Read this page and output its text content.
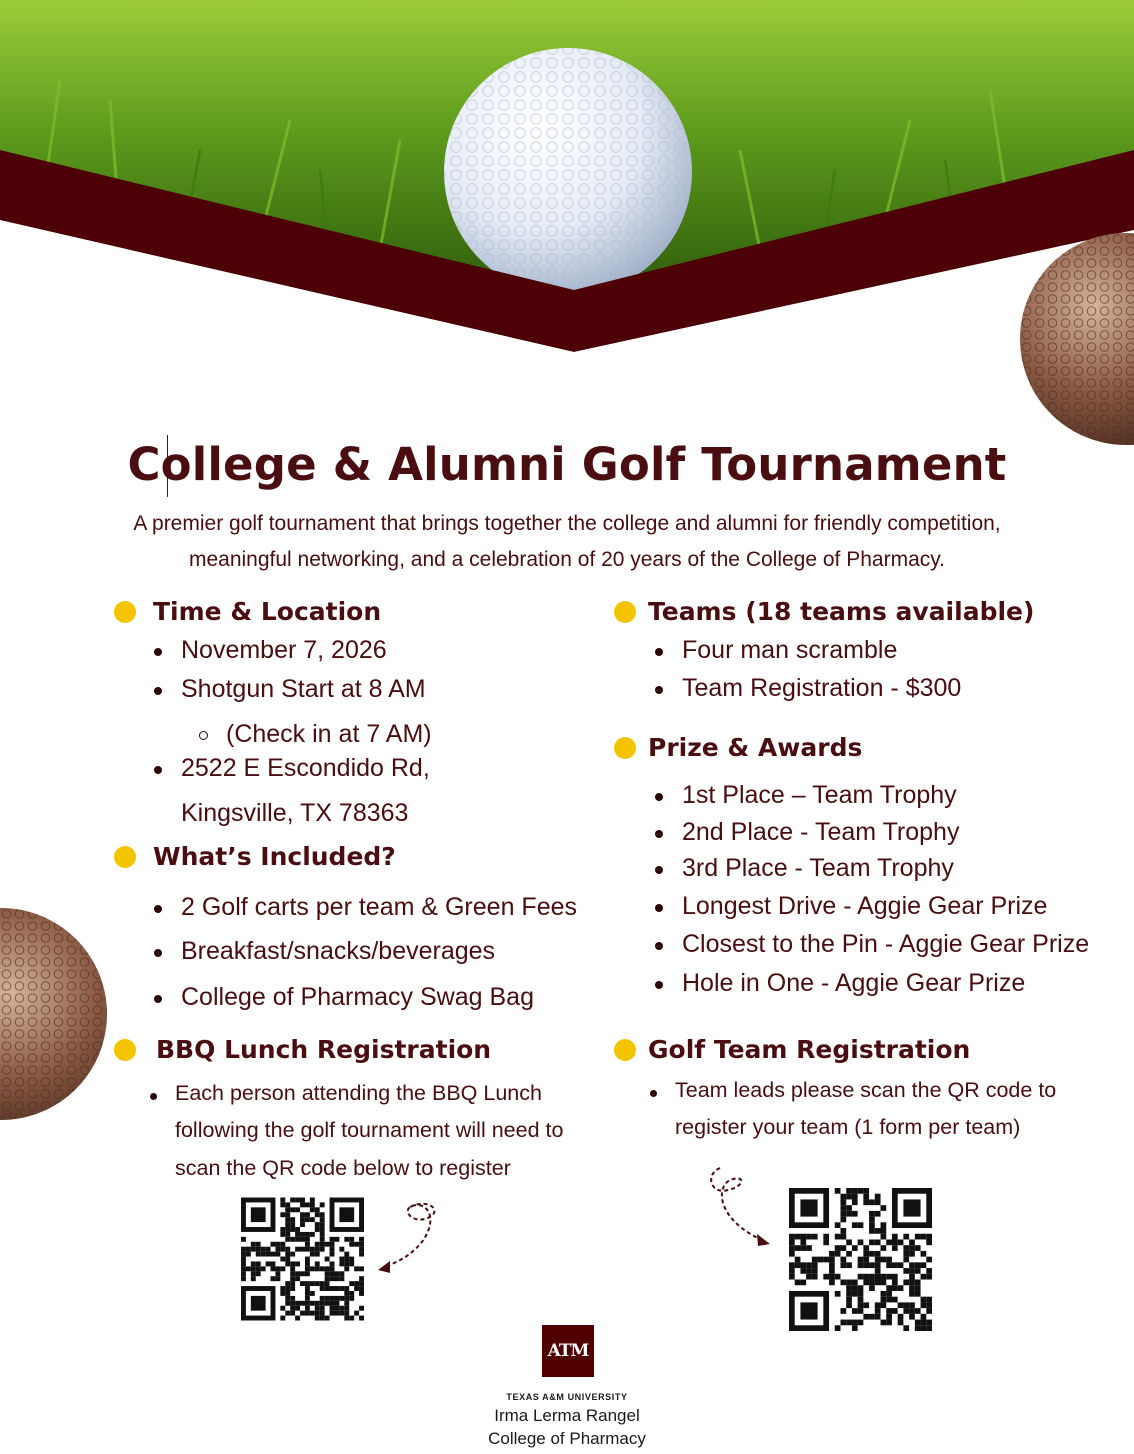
College & Alumni Golf Tournament
A premier golf tournament that brings together the college and alumni for friendly competition,
meaningful networking, and a celebration of 20 years of the College of Pharmacy.
Time & Location
November 7, 2026
Shotgun Start at 8 AM
(Check in at 7 AM)
2522 E Escondido Rd,
Kingsville, TX 78363
What’s Included?
2 Golf carts per team & Green Fees
Breakfast/snacks/beverages
College of Pharmacy Swag Bag
BBQ Lunch Registration
Each person attending the BBQ Lunch
following the golf tournament will need to
scan the QR code below to register
Teams (18 teams available)
Four man scramble
Team Registration - $300
Prize & Awards
1st Place – Team Trophy
2nd Place - Team Trophy
3rd Place - Team Trophy
Longest Drive - Aggie Gear Prize
Closest to the Pin - Aggie Gear Prize
Hole in One - Aggie Gear Prize
Golf Team Registration
Team leads please scan the QR code to
register your team (1 form per team)
ATM
TEXAS A&M UNIVERSITY
Irma Lerma Rangel
College of Pharmacy
